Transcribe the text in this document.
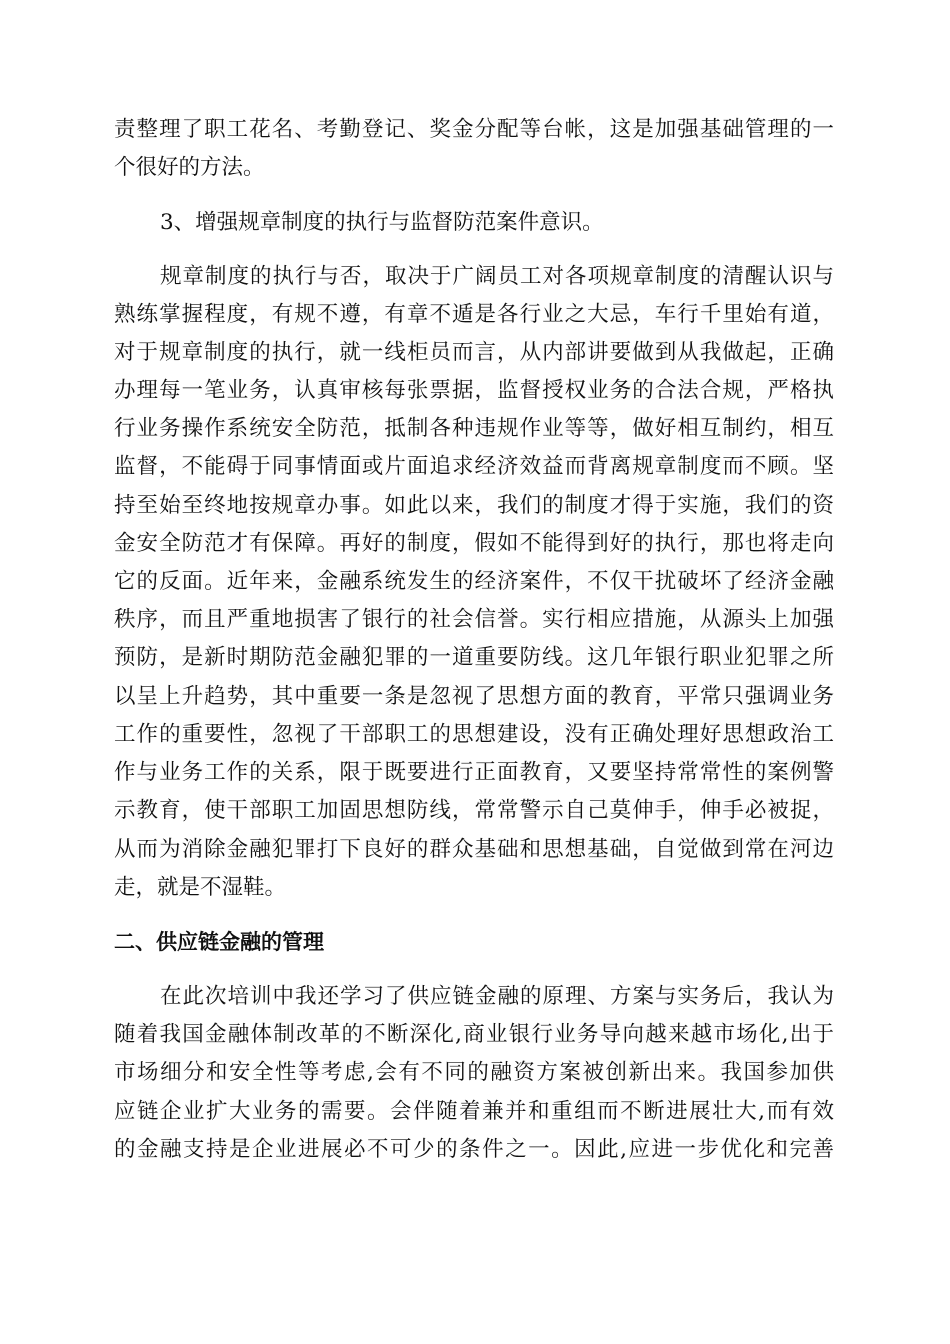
责整理了职工花名、考勤登记、奖金分配等台帐，这是加强基础管理的一
个很好的方法。
3、增强规章制度的执行与监督防范案件意识。
规章制度的执行与否，取决于广阔员工对各项规章制度的清醒认识与
熟练掌握程度，有规不遵，有章不遁是各行业之大忌，车行千里始有道，
对于规章制度的执行，就一线柜员而言，从内部讲要做到从我做起，正确
办理每一笔业务，认真审核每张票据，监督授权业务的合法合规，严格执
行业务操作系统安全防范，抵制各种违规作业等等，做好相互制约，相互
监督，不能碍于同事情面或片面追求经济效益而背离规章制度而不顾。坚
持至始至终地按规章办事。如此以来，我们的制度才得于实施，我们的资
金安全防范才有保障。再好的制度，假如不能得到好的执行，那也将走向
它的反面。近年来，金融系统发生的经济案件，不仅干扰破坏了经济金融
秩序，而且严重地损害了银行的社会信誉。实行相应措施，从源头上加强
预防，是新时期防范金融犯罪的一道重要防线。这几年银行职业犯罪之所
以呈上升趋势，其中重要一条是忽视了思想方面的教育，平常只强调业务
工作的重要性，忽视了干部职工的思想建设，没有正确处理好思想政治工
作与业务工作的关系，限于既要进行正面教育，又要坚持常常性的案例警
示教育，使干部职工加固思想防线，常常警示自己莫伸手，伸手必被捉，
从而为消除金融犯罪打下良好的群众基础和思想基础，自觉做到常在河边
走，就是不湿鞋。
二、供应链金融的管理
在此次培训中我还学习了供应链金融的原理、方案与实务后，我认为
随着我国金融体制改革的不断深化,商业银行业务导向越来越市场化,出于
市场细分和安全性等考虑,会有不同的融资方案被创新出来。我国参加供
应链企业扩大业务的需要。会伴随着兼并和重组而不断进展壮大,而有效
的金融支持是企业进展必不可少的条件之一。因此,应进一步优化和完善
